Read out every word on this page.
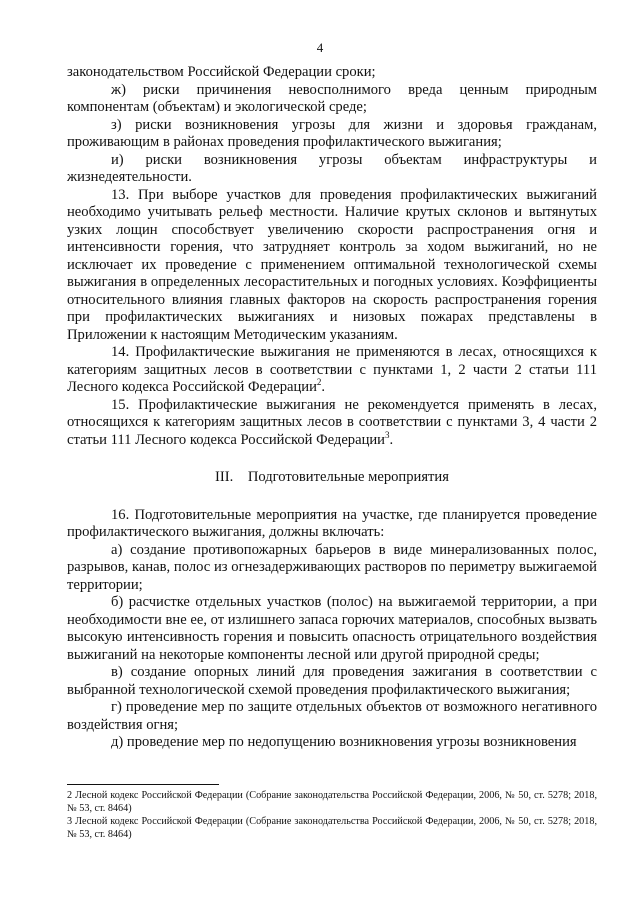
4

законодательством Российской Федерации сроки;

ж) риски причинения невосполнимого вреда ценным природным компонентам (объектам) и экологической среде;

з) риски возникновения угрозы для жизни и здоровья гражданам, проживающим в районах проведения профилактического выжигания;

и) риски возникновения угрозы объектам инфраструктуры и жизнедеятельности.

13. При выборе участков для проведения профилактических выжиганий необходимо учитывать рельеф местности. Наличие крутых склонов и вытянутых узких лощин способствует увеличению скорости распространения огня и интенсивности горения, что затрудняет контроль за ходом выжиганий, но не исключает их проведение с применением оптимальной технологической схемы выжигания в определенных лесорастительных и погодных условиях. Коэффициенты относительного влияния главных факторов на скорость распространения горения при профилактических выжиганиях и низовых пожарах представлены в Приложении к настоящим Методическим указаниям.

14. Профилактические выжигания не применяются в лесах, относящихся к категориям защитных лесов в соответствии с пунктами 1, 2 части 2 статьи 111 Лесного кодекса Российской Федерации$^2$.

15. Профилактические выжигания не рекомендуется применять в лесах, относящихся к категориям защитных лесов в соответствии с пунктами 3, 4 части 2 статьи 111 Лесного кодекса Российской Федерации$^3$.

III.    Подготовительные мероприятия

16. Подготовительные мероприятия на участке, где планируется проведение профилактического выжигания, должны включать:

а) создание противопожарных барьеров в виде минерализованных полос, разрывов, канав, полос из огнезадерживающих растворов по периметру выжигаемой территории;

б) расчистке отдельных участков (полос) на выжигаемой территории, а при необходимости вне ее, от излишнего запаса горючих материалов, способных вызвать высокую интенсивность горения и повысить опасность отрицательного воздействия выжиганий на некоторые компоненты лесной или другой природной среды;

в) создание опорных линий для проведения зажигания в соответствии с выбранной технологической схемой проведения профилактического выжигания;

г) проведение мер по защите отдельных объектов от возможного негативного воздействия огня;

д) проведение мер по недопущению возникновения угрозы возникновения

2 Лесной кодекс Российской Федерации (Собрание законодательства Российской Федерации, 2006, № 50, ст. 5278; 2018, № 53, ст. 8464)

3 Лесной кодекс Российской Федерации (Собрание законодательства Российской Федерации, 2006, № 50, ст. 5278; 2018, № 53, ст. 8464)
